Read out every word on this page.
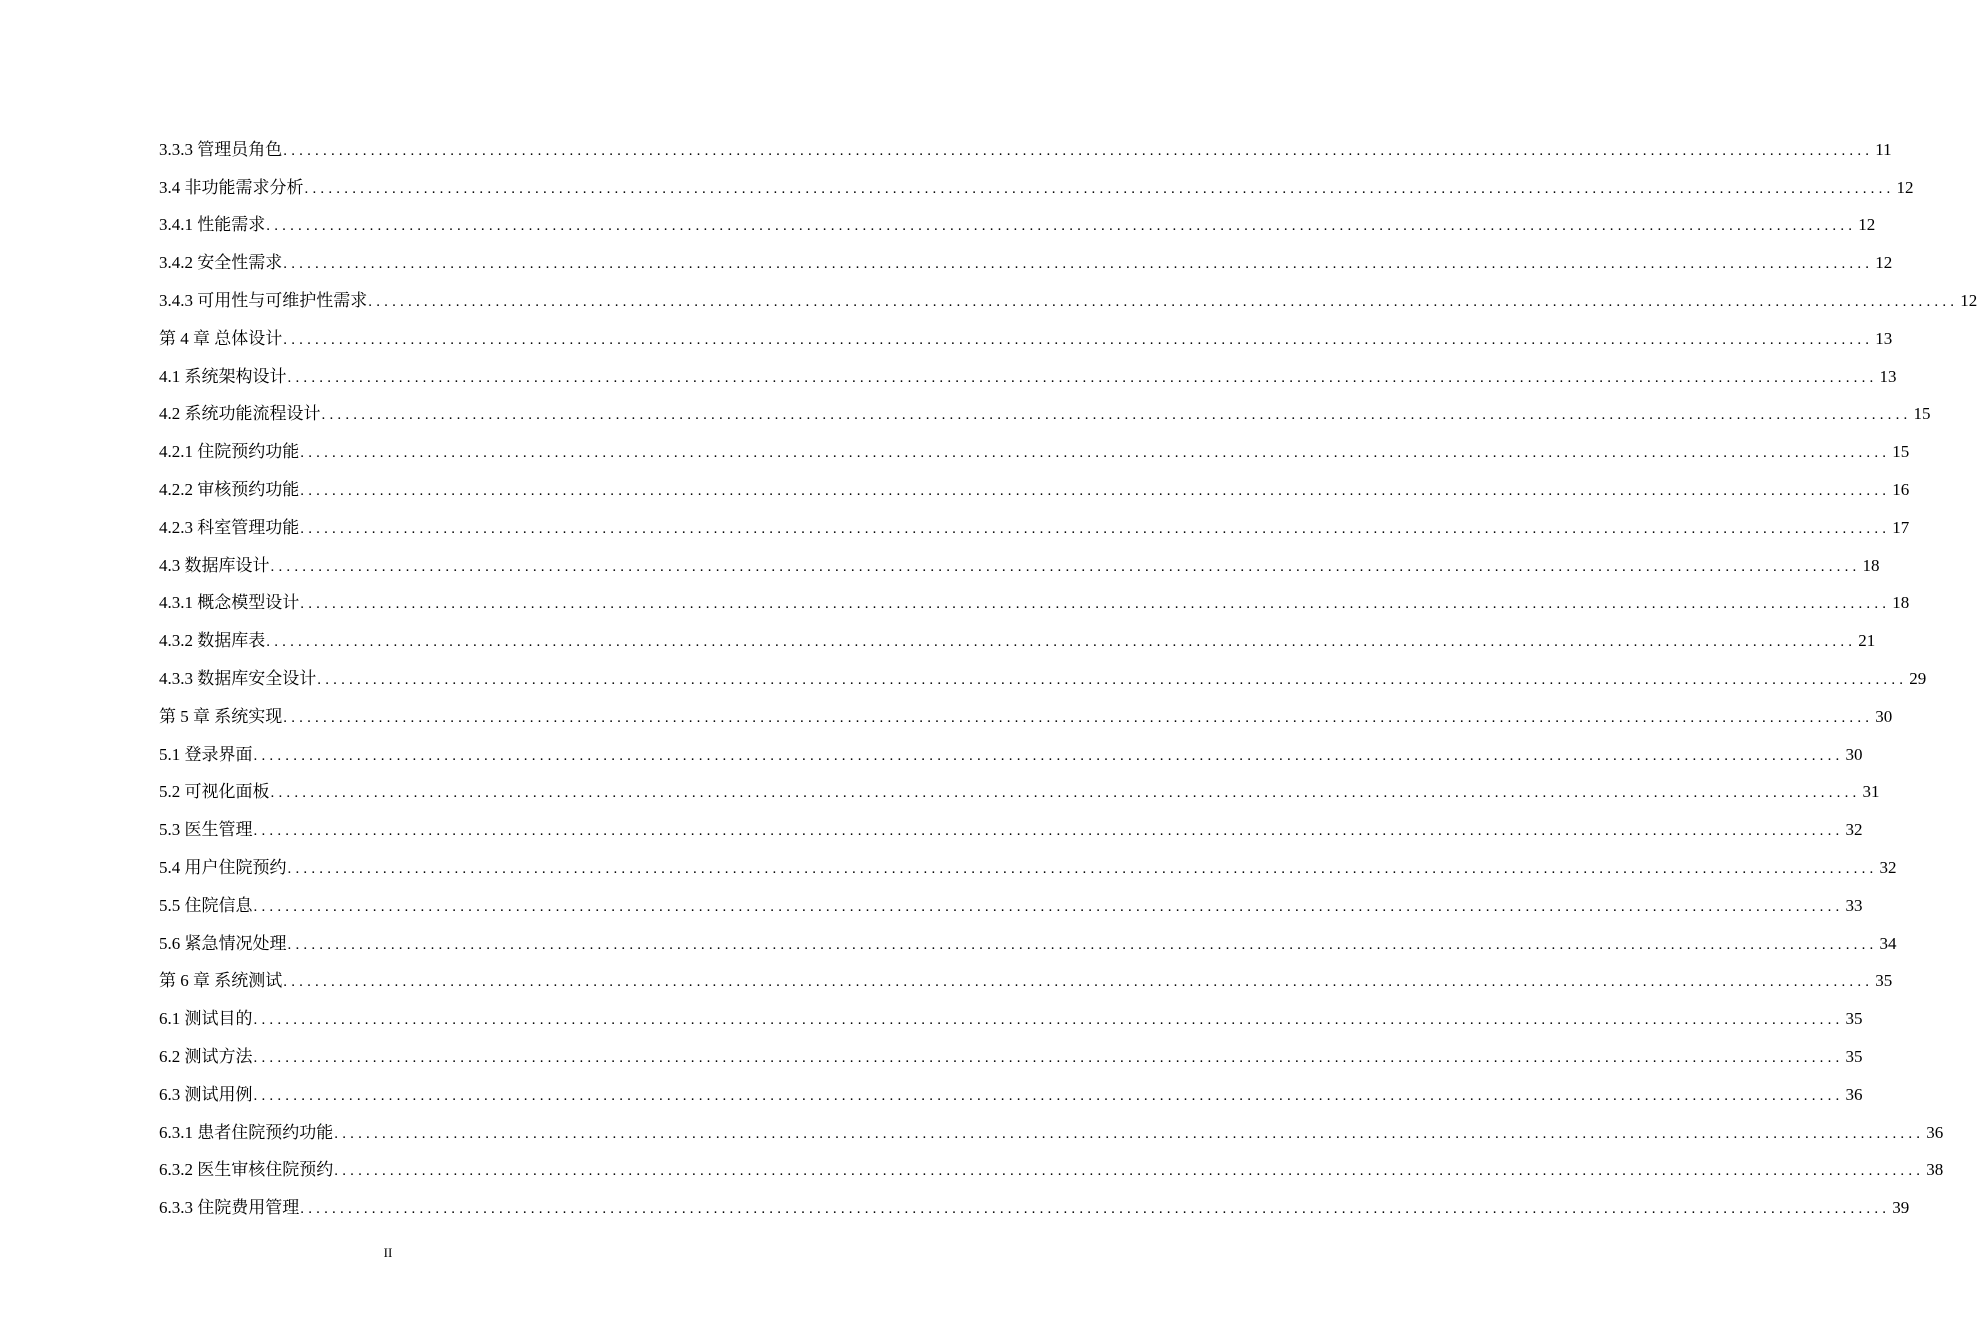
3.3.3 管理员角色 ........................................................................................................................................................................................................ 11
3.4 非功能需求分析 ........................................................................................................................................................................................................ 12
3.4.1 性能需求 ........................................................................................................................................................................................................ 12
3.4.2 安全性需求 ........................................................................................................................................................................................................ 12
3.4.3 可用性与可维护性需求 ........................................................................................................................................................................................................ 12
第 4 章 总体设计 ........................................................................................................................................................................................................ 13
4.1 系统架构设计 ........................................................................................................................................................................................................ 13
4.2 系统功能流程设计 ........................................................................................................................................................................................................ 15
4.2.1 住院预约功能 ........................................................................................................................................................................................................ 15
4.2.2 审核预约功能 ........................................................................................................................................................................................................ 16
4.2.3 科室管理功能 ........................................................................................................................................................................................................ 17
4.3 数据库设计 ........................................................................................................................................................................................................ 18
4.3.1 概念模型设计 ........................................................................................................................................................................................................ 18
4.3.2 数据库表 ........................................................................................................................................................................................................ 21
4.3.3 数据库安全设计 ........................................................................................................................................................................................................ 29
第 5 章 系统实现 ........................................................................................................................................................................................................ 30
5.1 登录界面 ........................................................................................................................................................................................................ 30
5.2 可视化面板 ........................................................................................................................................................................................................ 31
5.3 医生管理 ........................................................................................................................................................................................................ 32
5.4 用户住院预约 ........................................................................................................................................................................................................ 32
5.5 住院信息 ........................................................................................................................................................................................................ 33
5.6 紧急情况处理 ........................................................................................................................................................................................................ 34
第 6 章 系统测试 ........................................................................................................................................................................................................ 35
6.1 测试目的 ........................................................................................................................................................................................................ 35
6.2 测试方法 ........................................................................................................................................................................................................ 35
6.3 测试用例 ........................................................................................................................................................................................................ 36
6.3.1 患者住院预约功能 ........................................................................................................................................................................................................ 36
6.3.2 医生审核住院预约 ........................................................................................................................................................................................................ 38
6.3.3 住院费用管理 ........................................................................................................................................................................................................ 39
II
